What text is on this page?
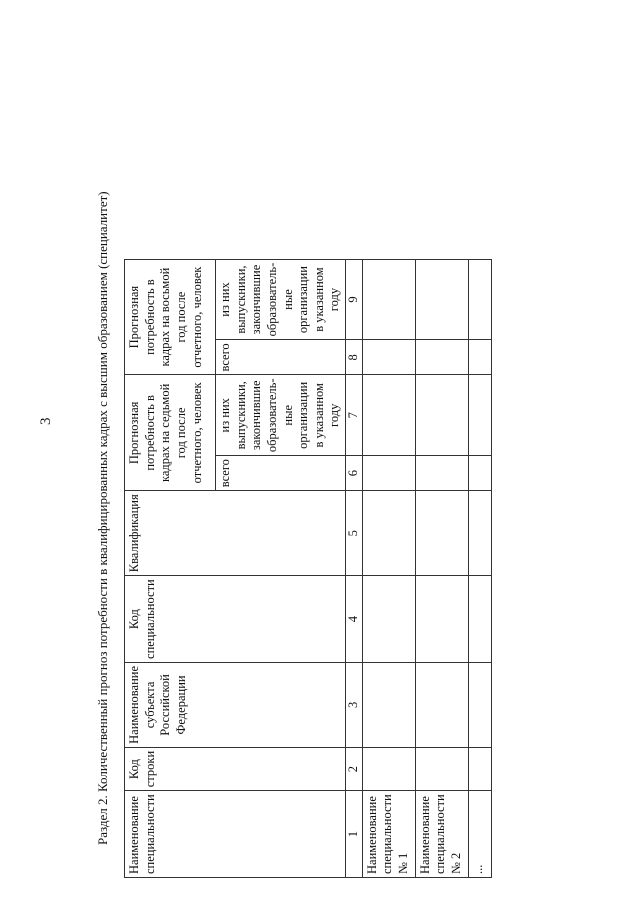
3	Раздел 2. Количественный прогноз потребности в квалифицированных кадрах с высшим образованием (специалитет) Наименование специальности	Код строки	Наименование субъекта Российской Федерации	Код специальности	Квалификация	Прогнозная потребность в кадрах на седьмой год после отчетного, человек		Прогнозная потребность в кадрах на восьмой год после отчетного, человек	
					всего	из них выпускники, закончившие образователь- ные организации в указанном году	всего	из них выпускники, закончившие образователь- ные организации в указанном году
1	2	3	4	5	6	7	8	9
Наименование специальности № 1								
Наименование специальности № 2								
...								
